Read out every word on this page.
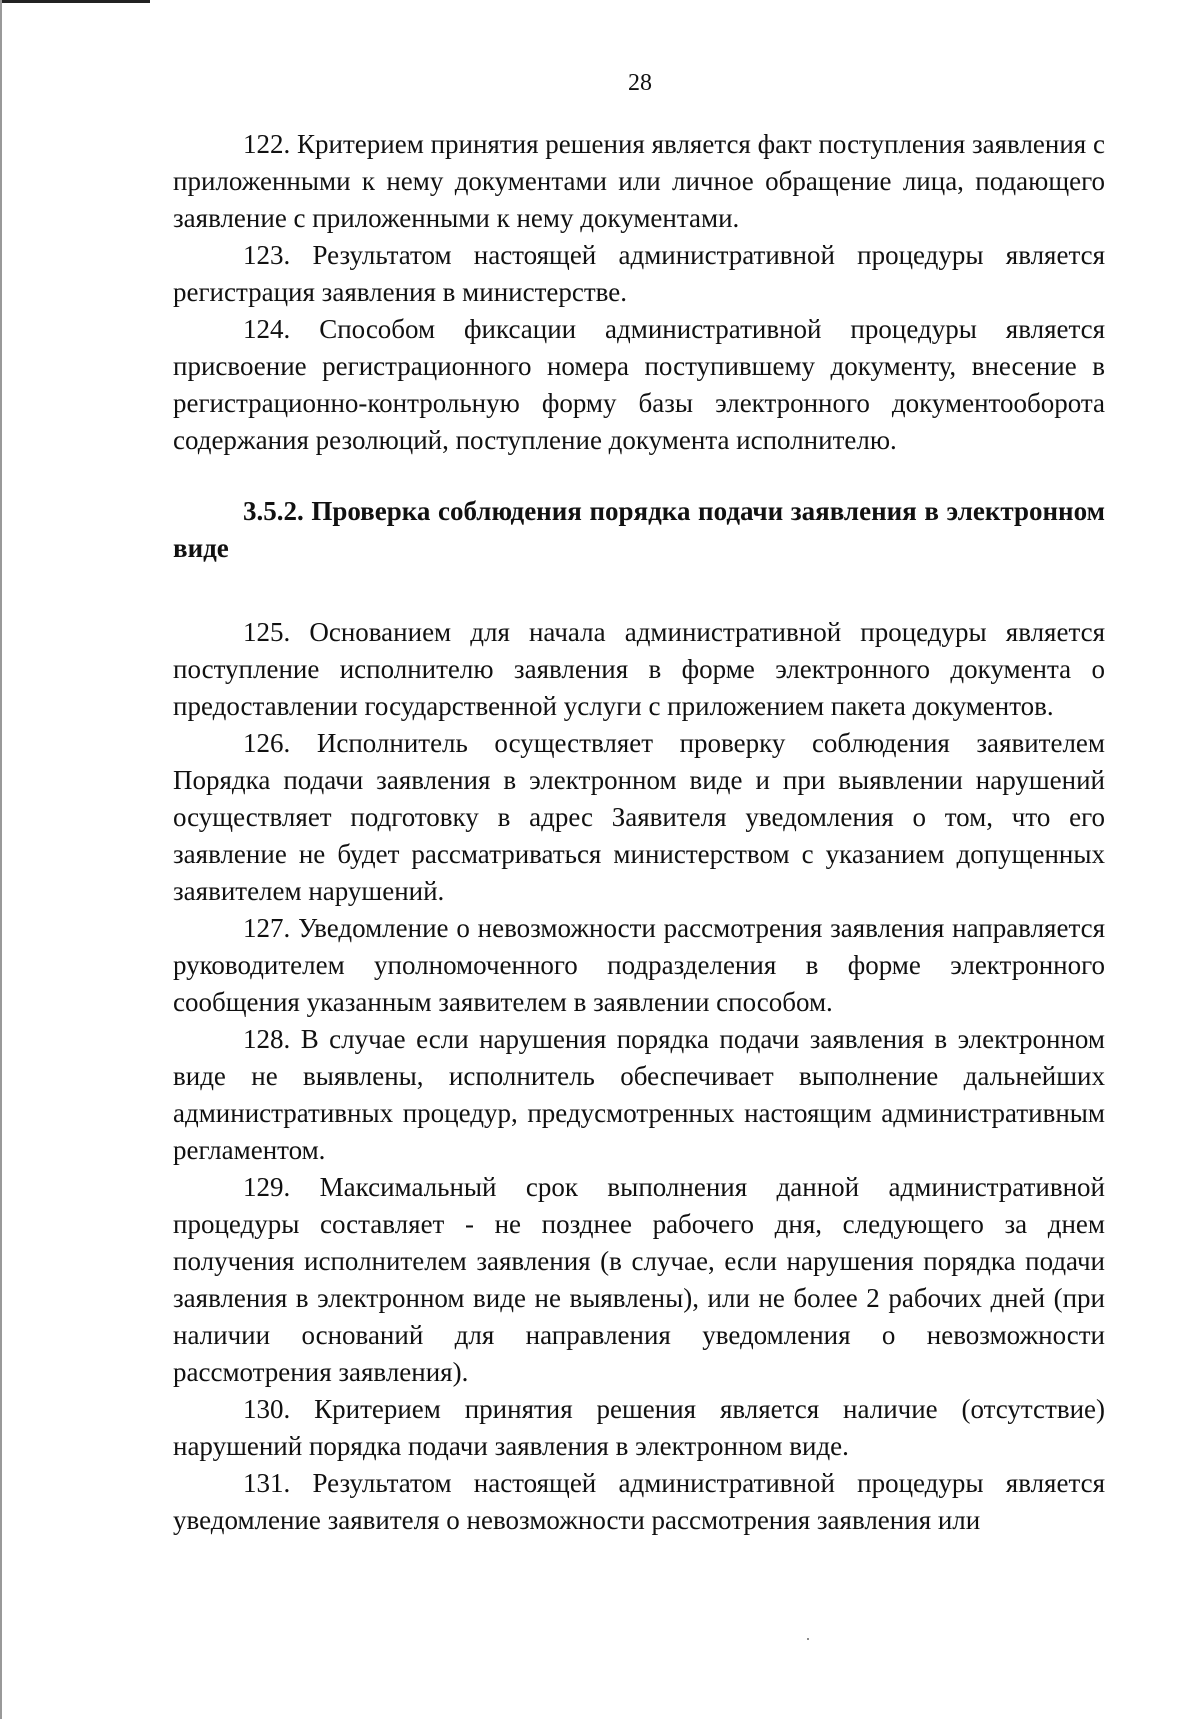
28

122. Критерием принятия решения является факт поступления заявления с приложенными к нему документами или личное обращение лица, подающего заявление с приложенными к нему документами.

123. Результатом настоящей административной процедуры является регистрация заявления в министерстве.

124. Способом фиксации административной процедуры является присвоение регистрационного номера поступившему документу, внесение в регистрационно-контрольную форму базы электронного документооборота содержания резолюций, поступление документа исполнителю.

3.5.2. Проверка соблюдения порядка подачи заявления в электронном виде

125. Основанием для начала административной процедуры является поступление исполнителю заявления в форме электронного документа о предоставлении государственной услуги с приложением пакета документов.

126. Исполнитель осуществляет проверку соблюдения заявителем Порядка подачи заявления в электронном виде и при выявлении нарушений осуществляет подготовку в адрес Заявителя уведомления о том, что его заявление не будет рассматриваться министерством с указанием допущенных заявителем нарушений.

127. Уведомление о невозможности рассмотрения заявления направляется руководителем уполномоченного подразделения в форме электронного сообщения указанным заявителем в заявлении способом.

128. В случае если нарушения порядка подачи заявления в электронном виде не выявлены, исполнитель обеспечивает выполнение дальнейших административных процедур, предусмотренных настоящим административным регламентом.

129. Максимальный срок выполнения данной административной процедуры составляет - не позднее рабочего дня, следующего за днем получения исполнителем заявления (в случае, если нарушения порядка подачи заявления в электронном виде не выявлены), или не более 2 рабочих дней (при наличии оснований для направления уведомления о невозможности рассмотрения заявления).

130. Критерием принятия решения является наличие (отсутствие) нарушений порядка подачи заявления в электронном виде.

131. Результатом настоящей административной процедуры является уведомление заявителя о невозможности рассмотрения заявления или
